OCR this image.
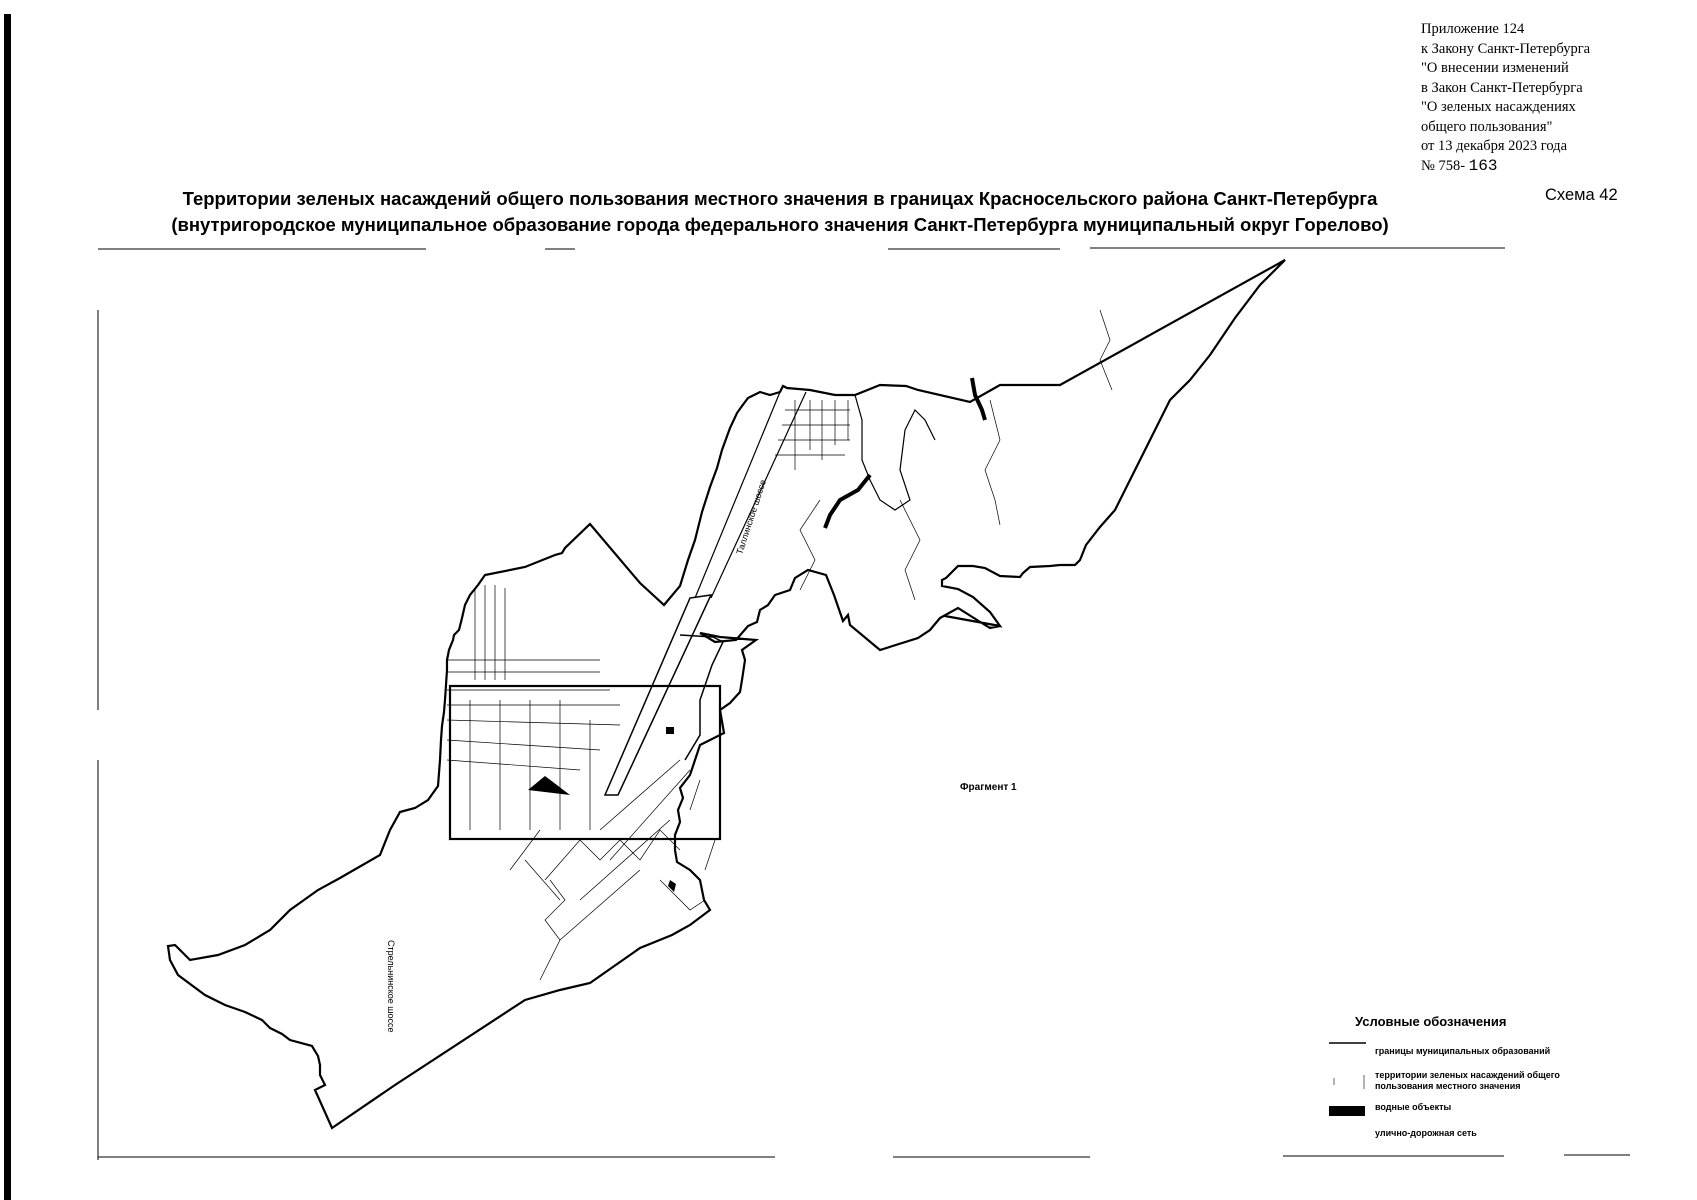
Приложение 124
к Закону Санкт-Петербурга
"О внесении изменений
в Закон Санкт-Петербурга
"О зеленых насаждениях
общего пользования"
от 13 декабря 2023 года
№ 758- 163
Территории зеленых насаждений общего пользования местного значения в границах Красносельского района Санкт-Петербурга
(внутригородское муниципальное образование города федерального значения Санкт-Петербурга муниципальный округ Горелово)
Схема 42
Таллинское шоссе
Стрельнинское шоссе
Фрагмент 1
Условные обозначения
границы муниципальных образований
территории зеленых насаждений общего пользования местного значения
водные объекты
улично-дорожная сеть
